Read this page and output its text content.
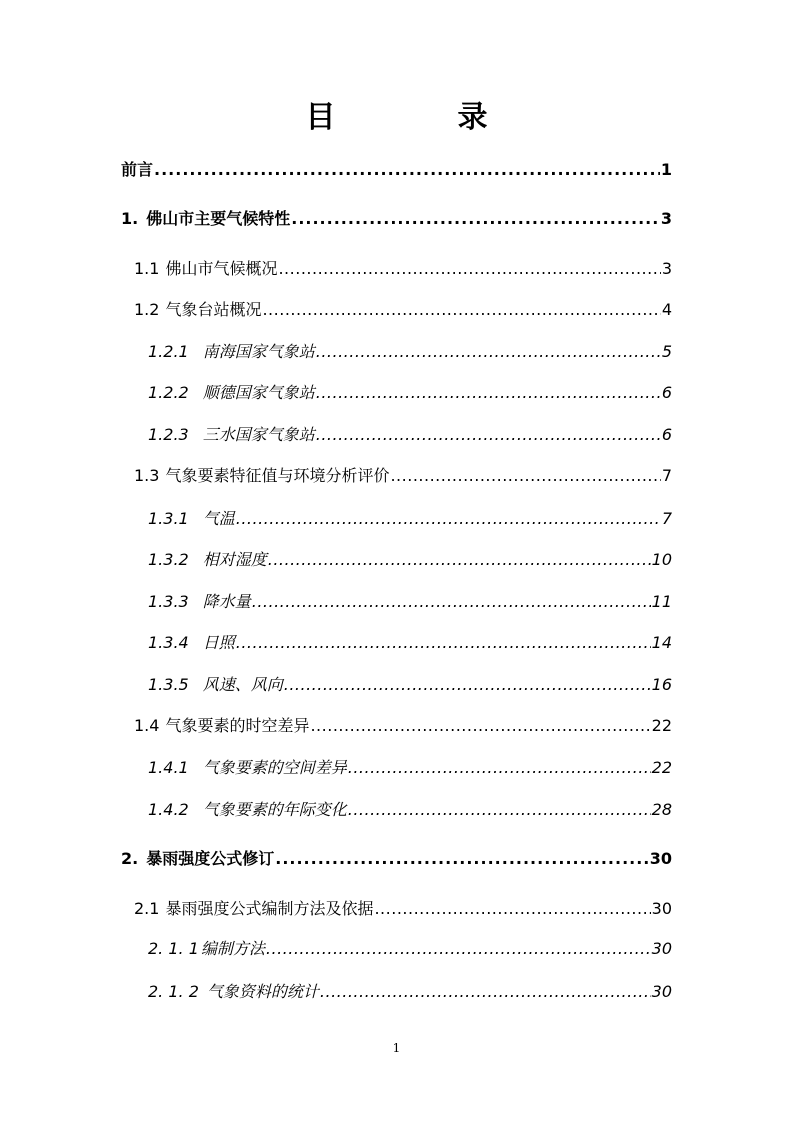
目　录
前言 .....	1
1. 佛山市主要气候特性 .....	3
1.1 佛山市气候概况 .....	3
1.2 气象台站概况 .....	4
1.2.1 南海国家气象站 .....	5
1.2.2 顺德国家气象站 .....	6
1.2.3 三水国家气象站 .....	6
1.3 气象要素特征值与环境分析评价 .....	7
1.3.1 气温 .....	7
1.3.2 相对湿度 .....	10
1.3.3 降水量 .....	11
1.3.4 日照 .....	14
1.3.5 风速、风向 .....	16
1.4 气象要素的时空差异 .....	22
1.4.1 气象要素的空间差异 .....	22
1.4.2 气象要素的年际变化 .....	28
2. 暴雨强度公式修订 .....	30
2.1 暴雨强度公式编制方法及依据 .....	30
2. 1. 1 编制方法 .....	30
2. 1. 2 气象资料的统计 .....	30
1
